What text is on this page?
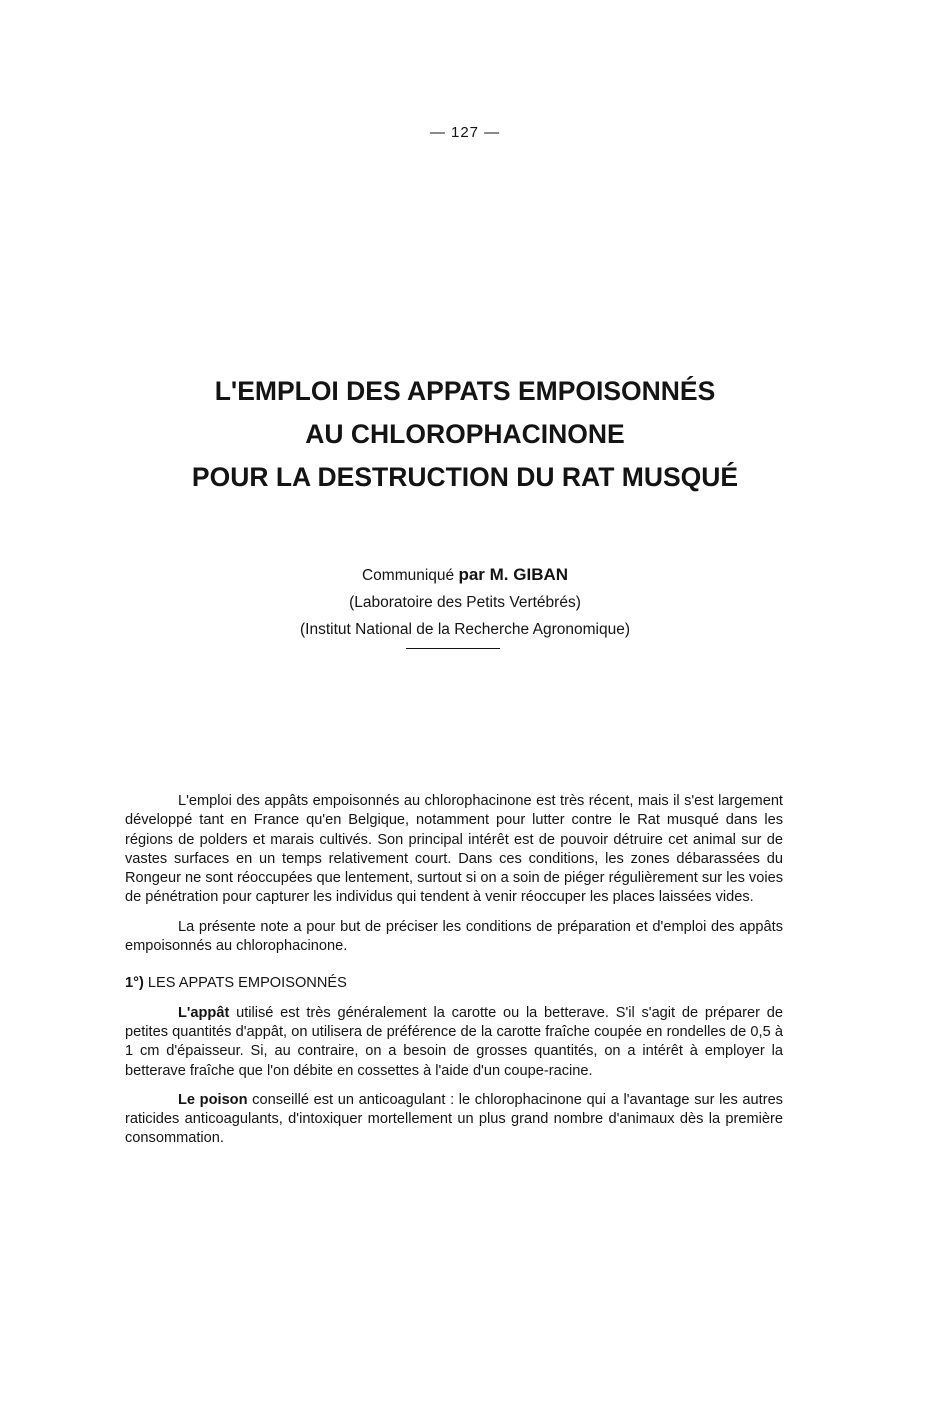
— 127 —
L'EMPLOI DES APPATS EMPOISONNÉS
AU CHLOROPHACINONE
POUR LA DESTRUCTION DU RAT MUSQUÉ
Communiqué par M. GIBAN
(Laboratoire des Petits Vertébrés)
(Institut National de la Recherche Agronomique)

L'emploi des appâts empoisonnés au chlorophacinone est très récent, mais il s'est largement développé tant en France qu'en Belgique, notamment pour lutter contre le Rat musqué dans les régions de polders et marais cultivés. Son principal intérêt est de pouvoir détruire cet animal sur de vastes surfaces en un temps relativement court. Dans ces conditions, les zones débarassées du Rongeur ne sont réoccupées que lentement, surtout si on a soin de piéger régulièrement sur les voies de pénétration pour capturer les individus qui tendent à venir réoccuper les places laissées vides.

La présente note a pour but de préciser les conditions de préparation et d'emploi des appâts empoisonnés au chlorophacinone.

1°) LES APPATS EMPOISONNÉS

L'appât utilisé est très généralement la carotte ou la betterave. S'il s'agit de préparer de petites quantités d'appât, on utilisera de préférence de la carotte fraîche coupée en rondelles de 0,5 à 1 cm d'épaisseur. Si, au contraire, on a besoin de grosses quantités, on a intérêt à employer la betterave fraîche que l'on débite en cossettes à l'aide d'un coupe-racine.

Le poison conseillé est un anticoagulant : le chlorophacinone qui a l'avantage sur les autres raticides anticoagulants, d'intoxiquer mortellement un plus grand nombre d'animaux dès la première consommation.
